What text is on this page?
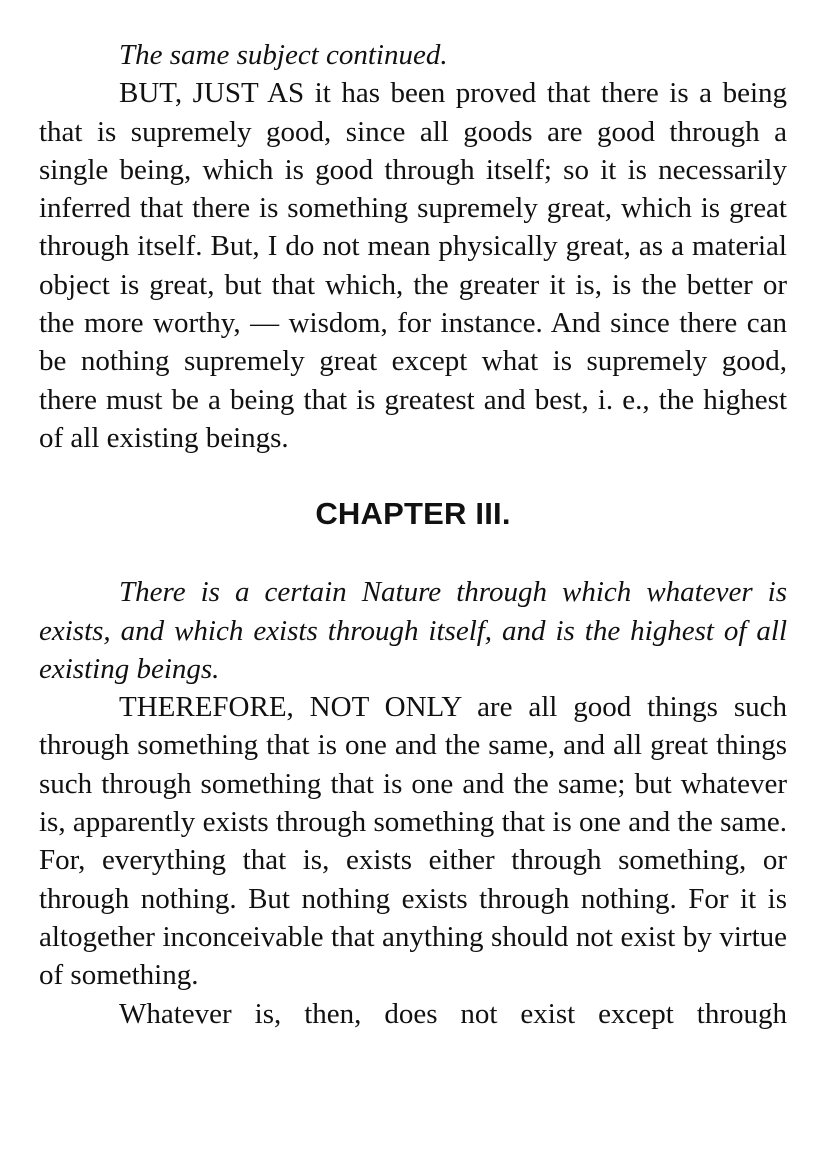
The same subject continued.

BUT, JUST AS it has been proved that there is a being that is supremely good, since all goods are good through a single being, which is good through itself; so it is necessarily inferred that there is something supremely great, which is great through itself. But, I do not mean physically great, as a material object is great, but that which, the greater it is, is the better or the more worthy, — wisdom, for instance. And since there can be nothing supremely great except what is supremely good, there must be a being that is greatest and best, i. e., the highest of all existing beings.

CHAPTER III.

There is a certain Nature through which whatever is exists, and which exists through itself, and is the highest of all existing beings.

THEREFORE, NOT ONLY are all good things such through something that is one and the same, and all great things such through something that is one and the same; but whatever is, apparently exists through something that is one and the same. For, everything that is, exists either through something, or through nothing. But nothing exists through nothing. For it is altogether inconceivable that anything should not exist by virtue of something.

Whatever is, then, does not exist except through
